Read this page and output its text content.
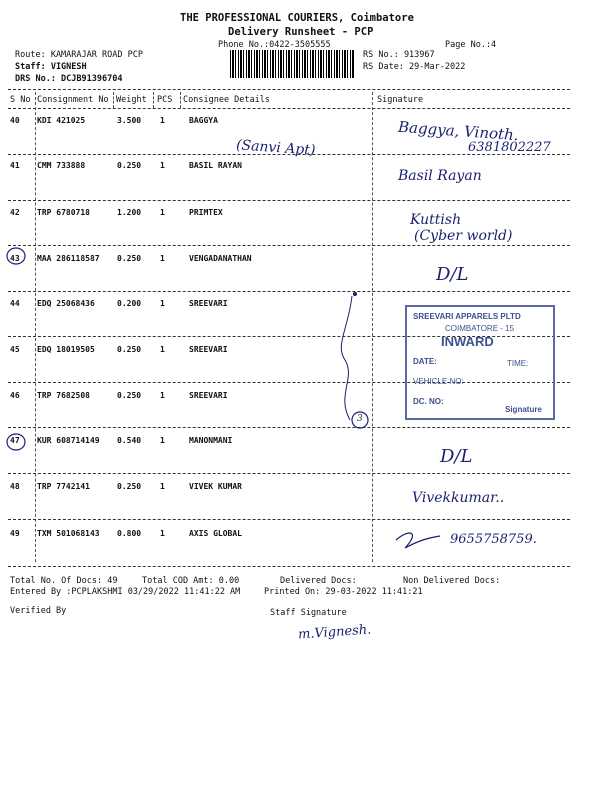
THE PROFESSIONAL COURIERS, Coimbatore
Delivery Runsheet - PCP
Phone No.:0422-3505555	Page No.:4
Route: KAMARAJAR ROAD PCP
Staff: VIGNESH
DRS No.: DCJB91396704
RS No.: 913967
RS Date: 29-Mar-2022
S No Consignment No Weight PCS Consignee Details	Signature
40 KDI 421025	3.500 1	BAGGYA
41 CMM 733888	0.250 1	BASIL RAYAN
42 TRP 6780718	1.200 1	PRIMTEX
43 MAA 286118587 0.250 1	VENGADANATHAN
44 EDQ 25068436	0.200 1	SREEVARI
45 EDQ 18019505	0.250 1	SREEVARI
46 TRP 7682508	0.250 1	SREEVARI
47 KUR 608714149 0.540 1	MANONMANI
48 TRP 7742141	0.250 1	VIVEK KUMAR
49 TXM 501068143 0.800 1	AXIS GLOBAL
Baggya, Vinoth.
6381802227
(Sanvi Apt)
Basil Rayan
Kuttish
(Cyber world)
D/L
D/L
Vivekkumar..
9655758759.
m.Vignesh.
3
SREEVARI APPARELS PLTD
COIMBATORE - 15
INWARD
DATE:	TIME:
VEHICLE NO:
DC. NO:
Signature
Total No. Of Docs: 49	Total COD Amt: 0.00	Delivered Docs:	Non Delivered Docs:
Entered By :PCPLAKSHMI 03/29/2022 11:41:22 AM	Printed On: 29-03-2022 11:41:21
Verified By	Staff Signature
